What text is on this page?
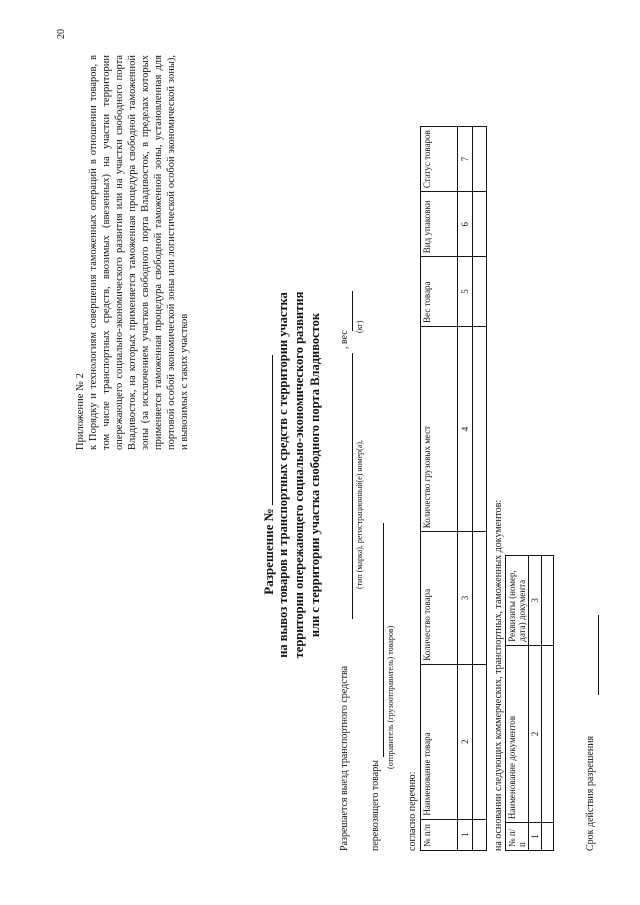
20
Приложение № 2 к Порядку и технологиям совершения таможенных операций в отношении товаров, в том числе транспортных средств, ввозимых (ввезенных) на участки территории опережающего социально-экономического развития или на участки свободного порта Владивосток, на которых применяется таможенная процедура свободной таможенной зоны (за исключением участков свободного порта Владивосток, в пределах которых применяется таможенная процедура свободной таможенной зоны, установленная для портовой особой экономической зоны или логистической особой экономической зоны), и вывозимых с таких участков
Разрешение № на вывоз товаров и транспортных средств с территории участка территории опережающего социально-экономического развития или с территории участка свободного порта Владивосток
Разрешается выезд транспортного средства
, вес
(тип (марка), регистрационный(е) номер(а),
(кг)
перевозящего товары
(отправитель (грузоотправитель) товаров)
согласно перечню: № п/п	Наименование товара	Количество товара	Количество грузовых мест	Вес товара	Вид упаковки	Статус товаров
1	2	3	4	5	6	7

на основании следующих коммерческих, транспортных, таможенных документов: № п/п	Наименование документов	Реквизиты (номер, дата) документа
1	2	3

Срок действия разрешения
